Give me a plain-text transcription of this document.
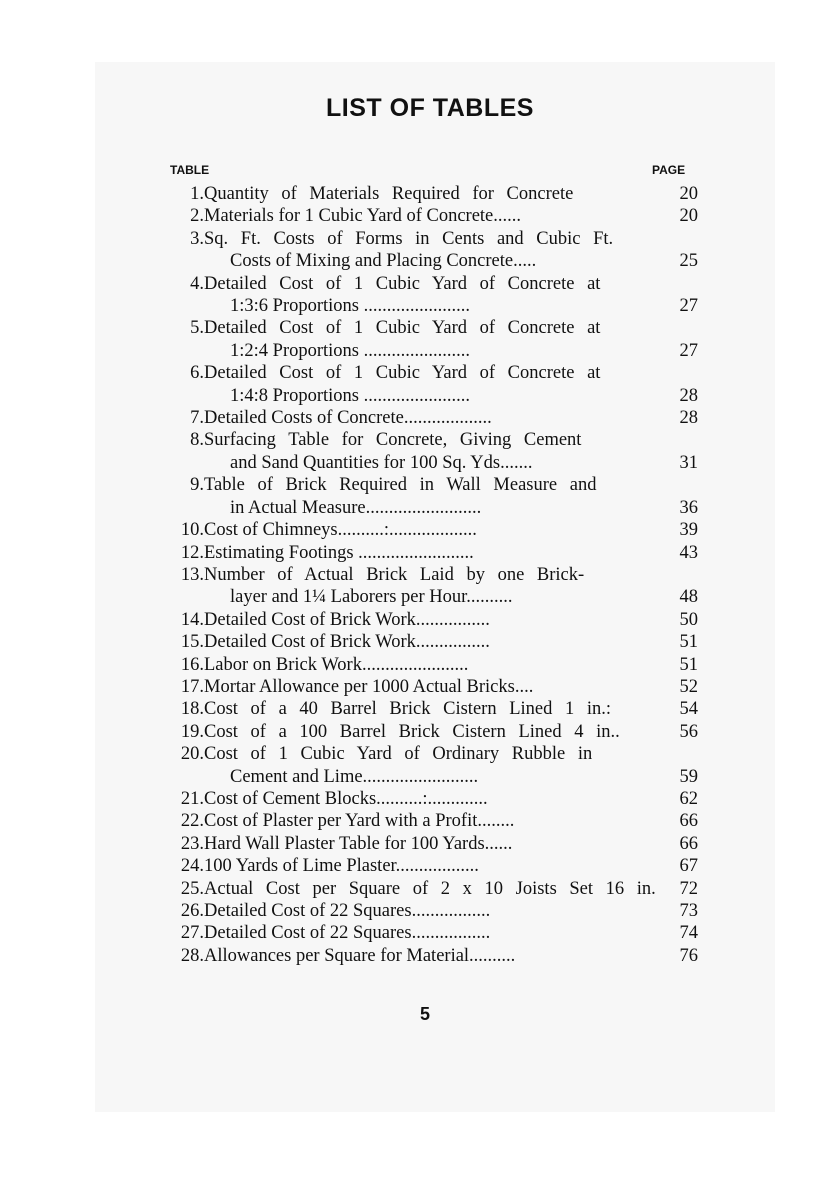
LIST OF TABLES
TABLE	PAGE
1. Quantity of Materials Required for Concrete	20
2. Materials for 1 Cubic Yard of Concrete......	20
3. Sq. Ft. Costs of Forms in Cents and Cubic Ft.
Costs of Mixing and Placing Concrete.....	25
4. Detailed Cost of 1 Cubic Yard of Concrete at
1:3:6 Proportions .......................	27
5. Detailed Cost of 1 Cubic Yard of Concrete at
1:2:4 Proportions .......................	27
6. Detailed Cost of 1 Cubic Yard of Concrete at
1:4:8 Proportions .......................	28
7. Detailed Costs of Concrete...................	28
8. Surfacing Table for Concrete, Giving Cement
and Sand Quantities for 100 Sq. Yds.......	31
9. Table of Brick Required in Wall Measure and
in Actual Measure.........................	36
10. Cost of Chimneys..........:...................	39
12. Estimating Footings .........................	43
13. Number of Actual Brick Laid by one Brick-
layer and 1¼ Laborers per Hour..........	48
14. Detailed Cost of Brick Work................	50
15. Detailed Cost of Brick Work................	51
16. Labor on Brick Work.......................	51
17. Mortar Allowance per 1000 Actual Bricks....	52
18. Cost of a 40 Barrel Brick Cistern Lined 1 in.:	54
19. Cost of a 100 Barrel Brick Cistern Lined 4 in..	56
20. Cost of 1 Cubic Yard of Ordinary Rubble in
Cement and Lime.........................	59
21. Cost of Cement Blocks..........:.............	62
22. Cost of Plaster per Yard with a Profit........	66
23. Hard Wall Plaster Table for 100 Yards......	66
24. 100 Yards of Lime Plaster..................	67
25. Actual Cost per Square of 2 x 10 Joists Set 16 in.	72
26. Detailed Cost of 22 Squares.................	73
27. Detailed Cost of 22 Squares.................	74
28. Allowances per Square for Material..........	76
5
